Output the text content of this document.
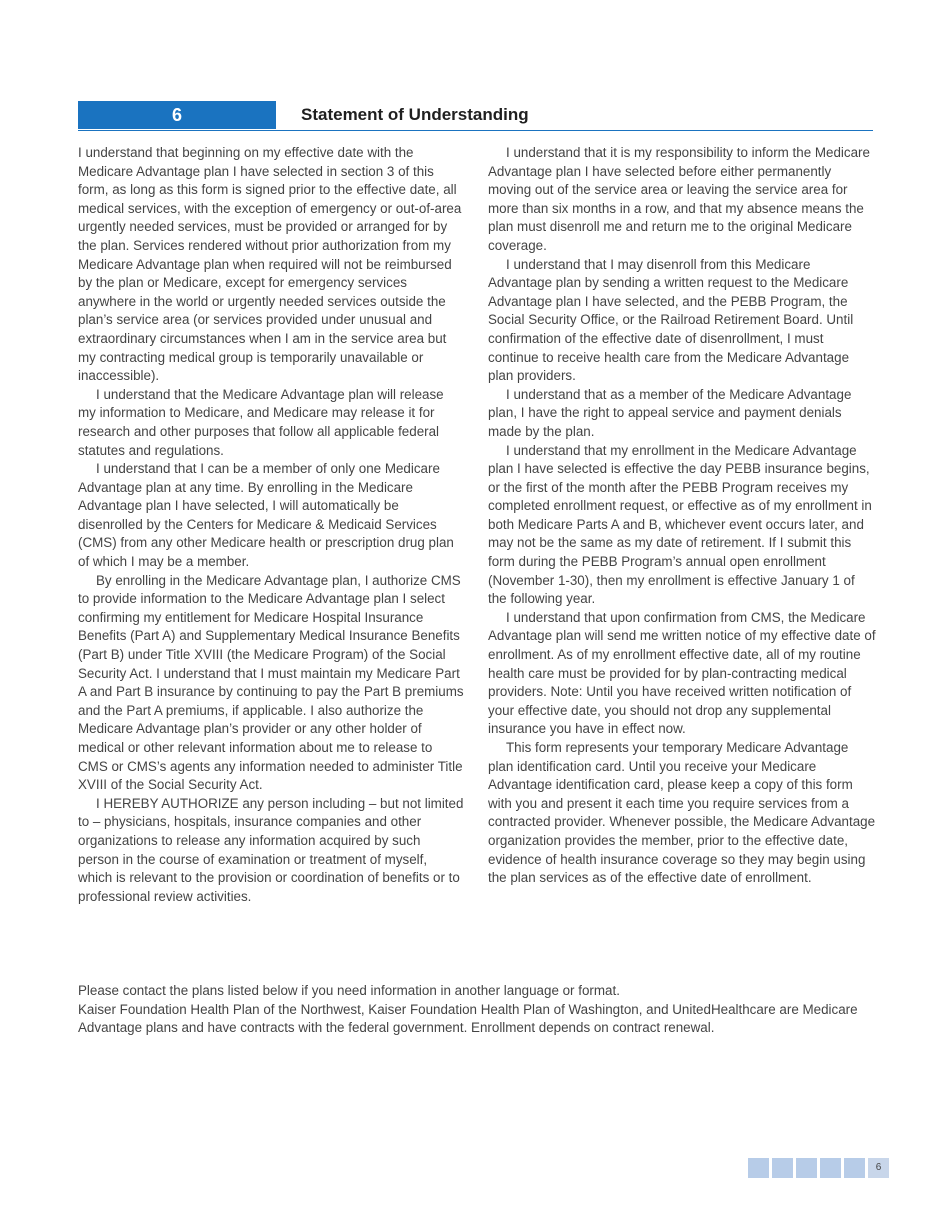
6	Statement of Understanding

I understand that beginning on my effective date with the Medicare Advantage plan I have selected in section 3 of this form, as long as this form is signed prior to the effective date, all medical services, with the exception of emergency or out-of-area urgently needed services, must be provided or arranged for by the plan. Services rendered without prior authorization from my Medicare Advantage plan when required will not be reimbursed by the plan or Medicare, except for emergency services anywhere in the world or urgently needed services outside the plan’s service area (or services provided under unusual and extraordinary circumstances when I am in the service area but my contracting medical group is temporarily unavailable or inaccessible).

I understand that the Medicare Advantage plan will release my information to Medicare, and Medicare may release it for research and other purposes that follow all applicable federal statutes and regulations.

I understand that I can be a member of only one Medicare Advantage plan at any time. By enrolling in the Medicare Advantage plan I have selected, I will automatically be disenrolled by the Centers for Medicare & Medicaid Services (CMS) from any other Medicare health or prescription drug plan of which I may be a member.

By enrolling in the Medicare Advantage plan, I authorize CMS to provide information to the Medicare Advantage plan I select confirming my entitlement for Medicare Hospital Insurance Benefits (Part A) and Supplementary Medical Insurance Benefits (Part B) under Title XVIII (the Medicare Program) of the Social Security Act. I understand that I must maintain my Medicare Part A and Part B insurance by continuing to pay the Part B premiums and the Part A premiums, if applicable. I also authorize the Medicare Advantage plan’s provider or any other holder of medical or other relevant information about me to release to CMS or CMS’s agents any information needed to administer Title XVIII of the Social Security Act.

I HEREBY AUTHORIZE any person including – but not limited to – physicians, hospitals, insurance companies and other organizations to release any information acquired by such person in the course of examination or treatment of myself, which is relevant to the provision or coordination of benefits or to professional review activities.

I understand that it is my responsibility to inform the Medicare Advantage plan I have selected before either permanently moving out of the service area or leaving the service area for more than six months in a row, and that my absence means the plan must disenroll me and return me to the original Medicare coverage.

I understand that I may disenroll from this Medicare Advantage plan by sending a written request to the Medicare Advantage plan I have selected, and the PEBB Program, the Social Security Office, or the Railroad Retirement Board. Until confirmation of the effective date of disenrollment, I must continue to receive health care from the Medicare Advantage plan providers.

I understand that as a member of the Medicare Advantage plan, I have the right to appeal service and payment denials made by the plan.

I understand that my enrollment in the Medicare Advantage plan I have selected is effective the day PEBB insurance begins, or the first of the month after the PEBB Program receives my completed enrollment request, or effective as of my enrollment in both Medicare Parts A and B, whichever event occurs later, and may not be the same as my date of retirement. If I submit this form during the PEBB Program’s annual open enrollment (November 1-30), then my enrollment is effective January 1 of the following year.

I understand that upon confirmation from CMS, the Medicare Advantage plan will send me written notice of my effective date of enrollment. As of my enrollment effective date, all of my routine health care must be provided for by plan-contracting medical providers. Note: Until you have received written notification of your effective date, you should not drop any supplemental insurance you have in effect now.

This form represents your temporary Medicare Advantage plan identification card. Until you receive your Medicare Advantage identification card, please keep a copy of this form with you and present it each time you require services from a contracted provider. Whenever possible, the Medicare Advantage organization provides the member, prior to the effective date, evidence of health insurance coverage so they may begin using the plan services as of the effective date of enrollment.

Please contact the plans listed below if you need information in another language or format.

Kaiser Foundation Health Plan of the Northwest, Kaiser Foundation Health Plan of Washington, and UnitedHealthcare are Medicare Advantage plans and have contracts with the federal government. Enrollment depends on contract renewal.

6
